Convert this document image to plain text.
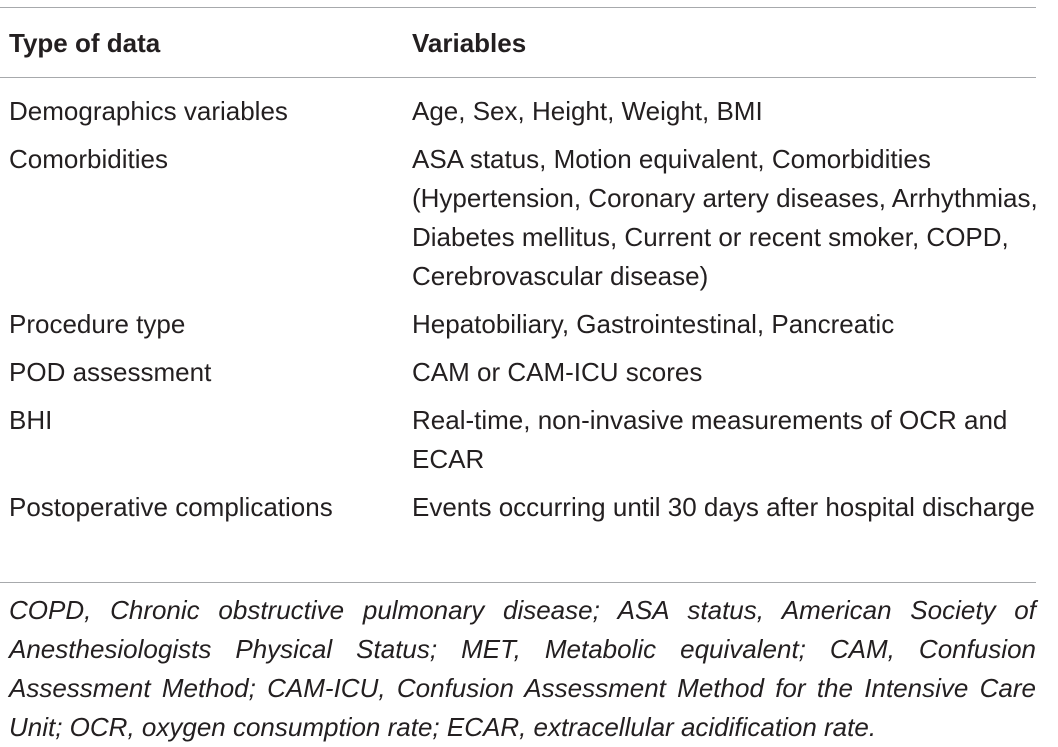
Type of data	Variables
Demographics variables	Age, Sex, Height, Weight, BMI
Comorbidities	ASA status, Motion equivalent, Comorbidities (Hypertension, Coronary artery diseases, Arrhythmias, Diabetes mellitus, Current or recent smoker, COPD, Cerebrovascular disease)
Procedure type	Hepatobiliary, Gastrointestinal, Pancreatic
POD assessment	CAM or CAM-ICU scores
BHI	Real-time, non-invasive measurements of OCR and ECAR
Postoperative complications	Events occurring until 30 days after hospital discharge
COPD, Chronic obstructive pulmonary disease; ASA status, American Society of Anesthesiologists Physical Status; MET, Metabolic equivalent; CAM, Confusion Assessment Method; CAM-ICU, Confusion Assessment Method for the Intensive Care Unit; OCR, oxygen consumption rate; ECAR, extracellular acidification rate.
